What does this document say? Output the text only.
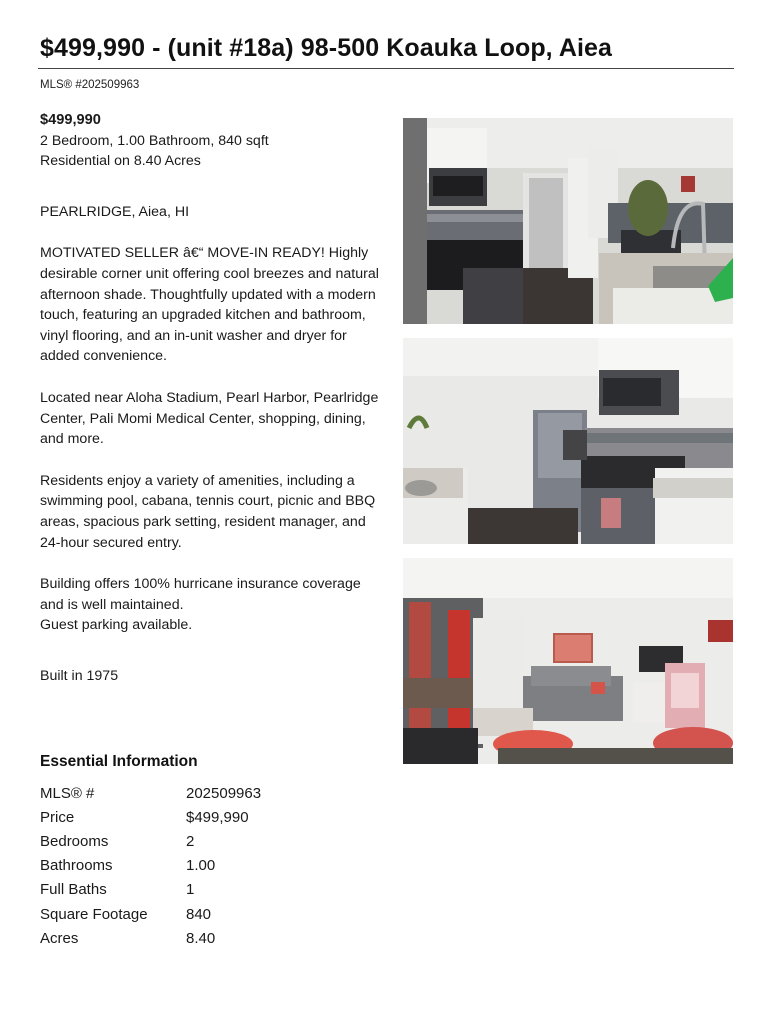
$499,990 - (unit #18a) 98-500 Koauka Loop, Aiea
MLS® #202509963
$499,990
2 Bedroom, 1.00 Bathroom, 840 sqft
Residential on 8.40 Acres
PEARLRIDGE, Aiea, HI

MOTIVATED SELLER â€“ MOVE-IN READY! Highly desirable corner unit offering cool breezes and natural afternoon shade. Thoughtfully updated with a modern touch, featuring an upgraded kitchen and bathroom, vinyl flooring, and an in-unit washer and dryer for added convenience.

Located near Aloha Stadium, Pearl Harbor, Pearlridge Center, Pali Momi Medical Center, shopping, dining, and more.

Residents enjoy a variety of amenities, including a swimming pool, cabana, tennis court, picnic and BBQ areas, spacious park setting, resident manager, and 24-hour secured entry.

Building offers 100% hurricane insurance coverage and is well maintained.
Guest parking available.
Built in 1975
Essential Information
MLS® #	202509963
Price	$499,990
Bedrooms	2
Bathrooms	1.00
Full Baths	1
Square Footage	840
Acres	8.40
